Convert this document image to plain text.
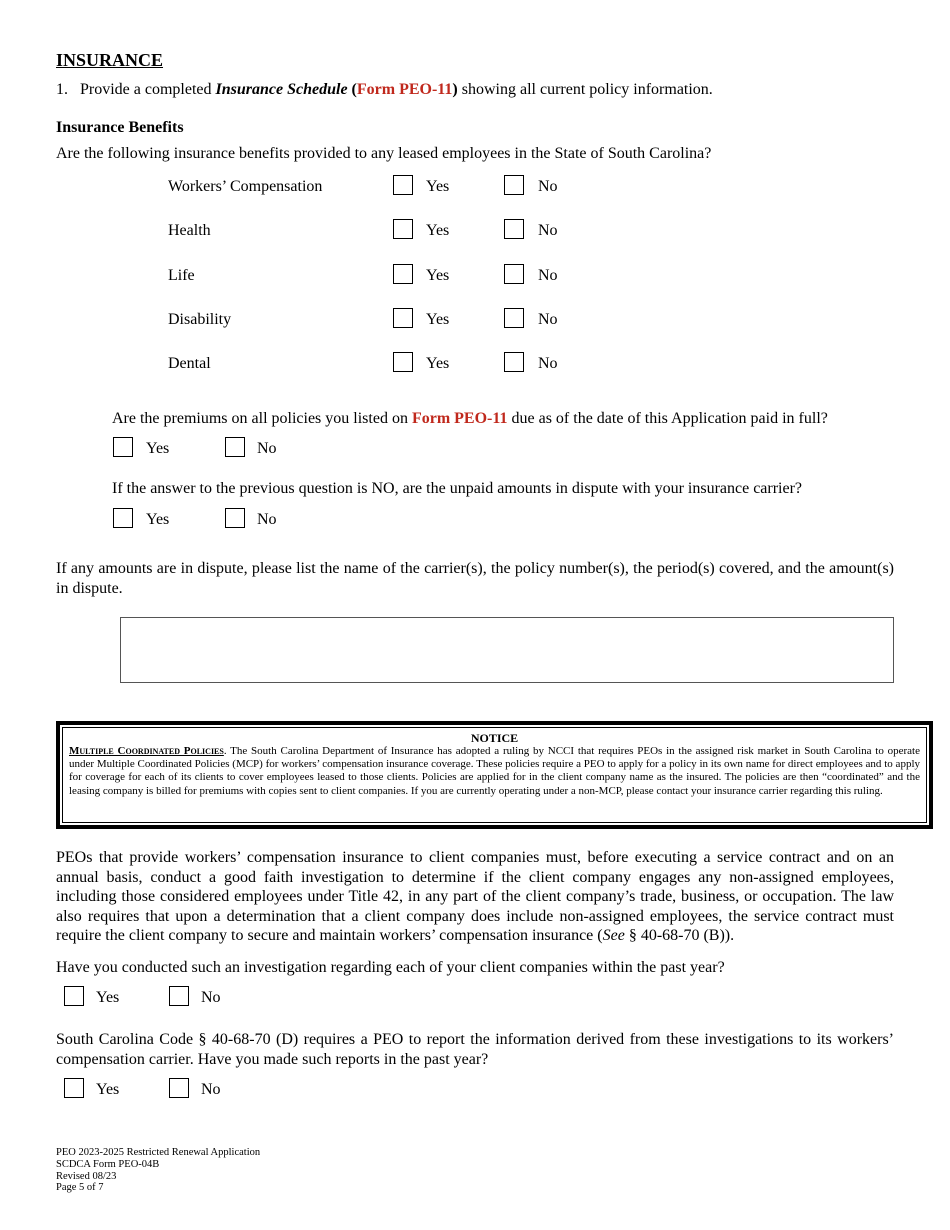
INSURANCE
1. Provide a completed Insurance Schedule (Form PEO-11) showing all current policy information.
Insurance Benefits
Are the following insurance benefits provided to any leased employees in the State of South Carolina?
Workers’ Compensation	Yes	No
Health	Yes	No
Life	Yes	No
Disability	Yes	No
Dental	Yes	No
Are the premiums on all policies you listed on Form PEO-11 due as of the date of this Application paid in full?
Yes	No
If the answer to the previous question is NO, are the unpaid amounts in dispute with your insurance carrier?
Yes	No
If any amounts are in dispute, please list the name of the carrier(s), the policy number(s), the period(s) covered, and the amount(s) in dispute.
NOTICE
Multiple Coordinated Policies. The South Carolina Department of Insurance has adopted a ruling by NCCI that requires PEOs in the assigned risk market in South Carolina to operate under Multiple Coordinated Policies (MCP) for workers’ compensation insurance coverage. These policies require a PEO to apply for a policy in its own name for direct employees and to apply for coverage for each of its clients to cover employees leased to those clients. Policies are applied for in the client company name as the insured. The policies are then “coordinated” and the leasing company is billed for premiums with copies sent to client companies. If you are currently operating under a non-MCP, please contact your insurance carrier regarding this ruling.
PEOs that provide workers’ compensation insurance to client companies must, before executing a service contract and on an annual basis, conduct a good faith investigation to determine if the client company engages any non-assigned employees, including those considered employees under Title 42, in any part of the client company’s trade, business, or occupation. The law also requires that upon a determination that a client company does include non-assigned employees, the service contract must require the client company to secure and maintain workers’ compensation insurance (See § 40-68-70 (B)).
Have you conducted such an investigation regarding each of your client companies within the past year?
Yes	No
South Carolina Code § 40-68-70 (D) requires a PEO to report the information derived from these investigations to its workers’ compensation carrier. Have you made such reports in the past year?
Yes	No
PEO 2023-2025 Restricted Renewal Application
SCDCA Form PEO-04B
Revised 08/23
Page 5 of 7
